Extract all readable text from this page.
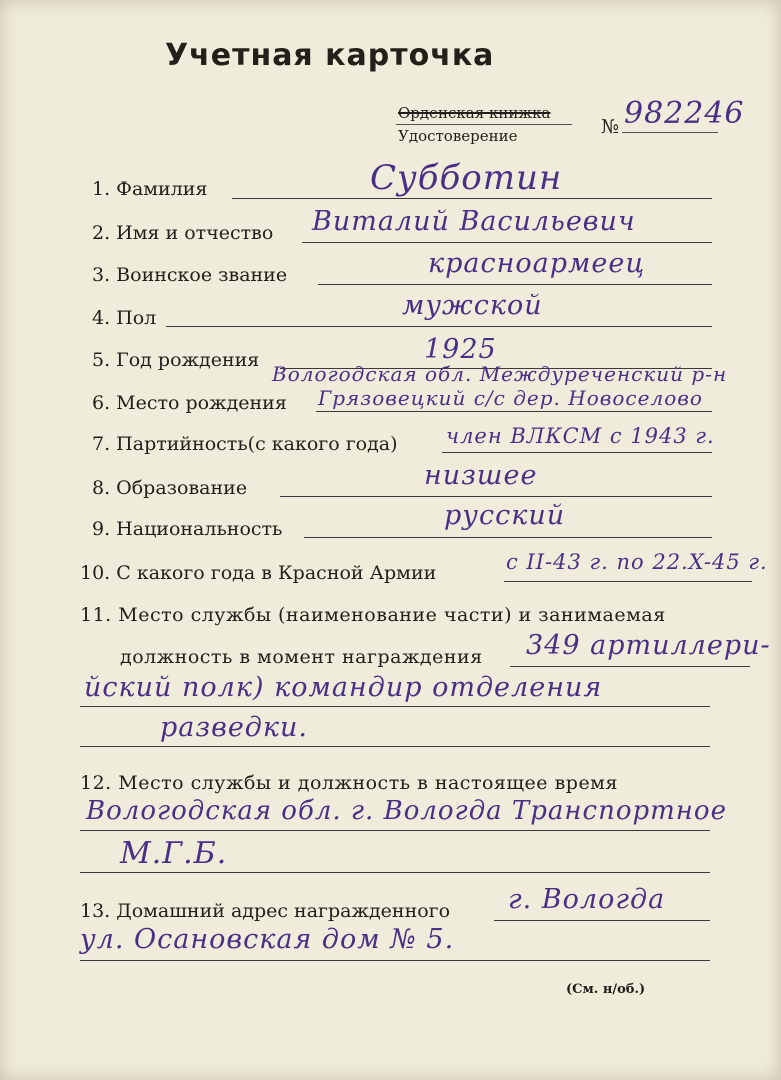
Учетная карточка
Орденская книжка
Удостоверение	№ 982246
1. Фамилия	Субботин
2. Имя и отчество Виталий Васильевич
3. Воинское звание	красноармеец
4. Пол	мужской
5. Год рождения	1925
6. Место рождения
Вологодская обл. Междуреченский р-н
Грязовецкий с/с дер. Новоселово
7. Партийность(с какого года) член ВЛКСМ с 1943 г.
8. Образование	низшее
9. Национальность	русский
10. С какого года в Красной Армии	с II-43 г. по 22.X-45 г.
11. Место службы (наименование части) и занимаемая
должность в момент награждения 349 артиллери-
йский полк) командир отделения
разведки.
12. Место службы и должность в настоящее время
Вологодская обл. г. Вологда Транспортное
М.Г.Б.
13. Домашний адрес награжденного г. Вологда
ул. Осановская дом № 5.
(См. н/об.)
